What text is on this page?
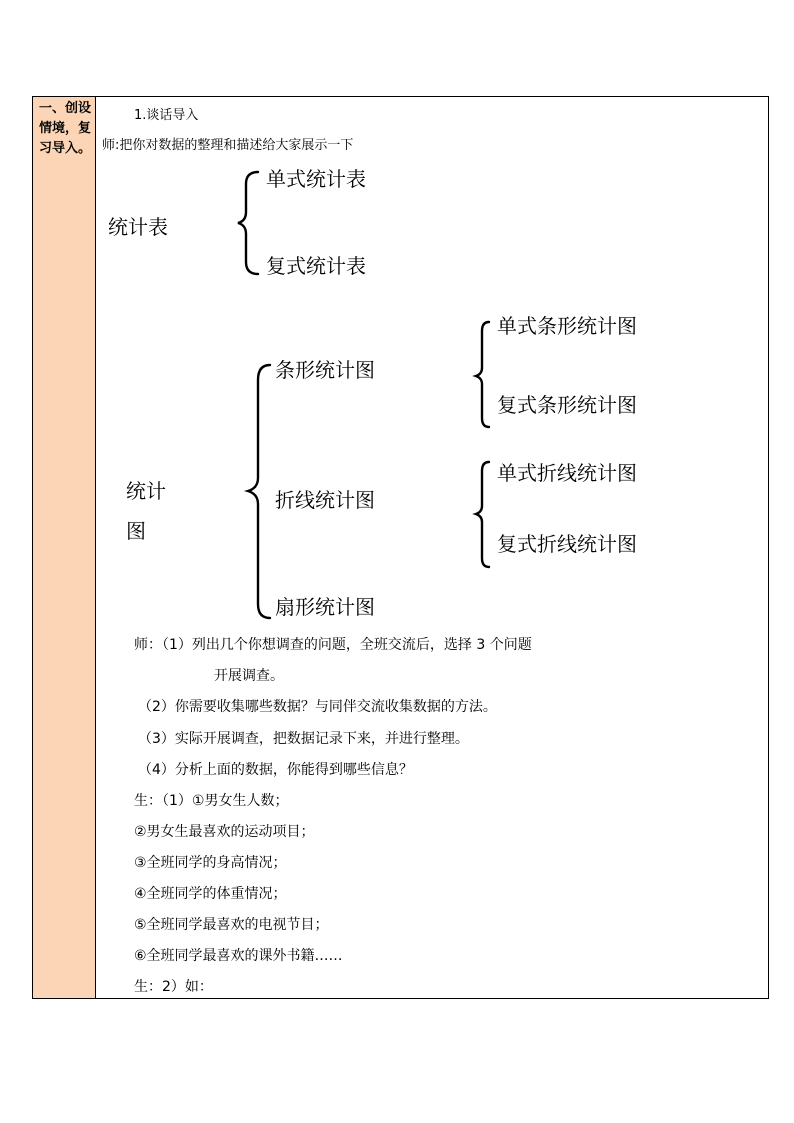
一、创设情境，复习导入。
1.谈话导入
师:把你对数据的整理和描述给大家展示一下
统计表
单式统计表
复式统计表
统计
图
条形统计图
折线统计图
扇形统计图
单式条形统计图
复式条形统计图
单式折线统计图
复式折线统计图
师：（1）列出几个你想调查的问题，全班交流后，选择 3 个问题
开展调查。
（2）你需要收集哪些数据？与同伴交流收集数据的方法。
（3）实际开展调查，把数据记录下来，并进行整理。
（4）分析上面的数据，你能得到哪些信息？
生：（1）①男女生人数；
②男女生最喜欢的运动项目；
③全班同学的身高情况；
④全班同学的体重情况；
⑤全班同学最喜欢的电视节目；
⑥全班同学最喜欢的课外书籍……
生：2）如：
